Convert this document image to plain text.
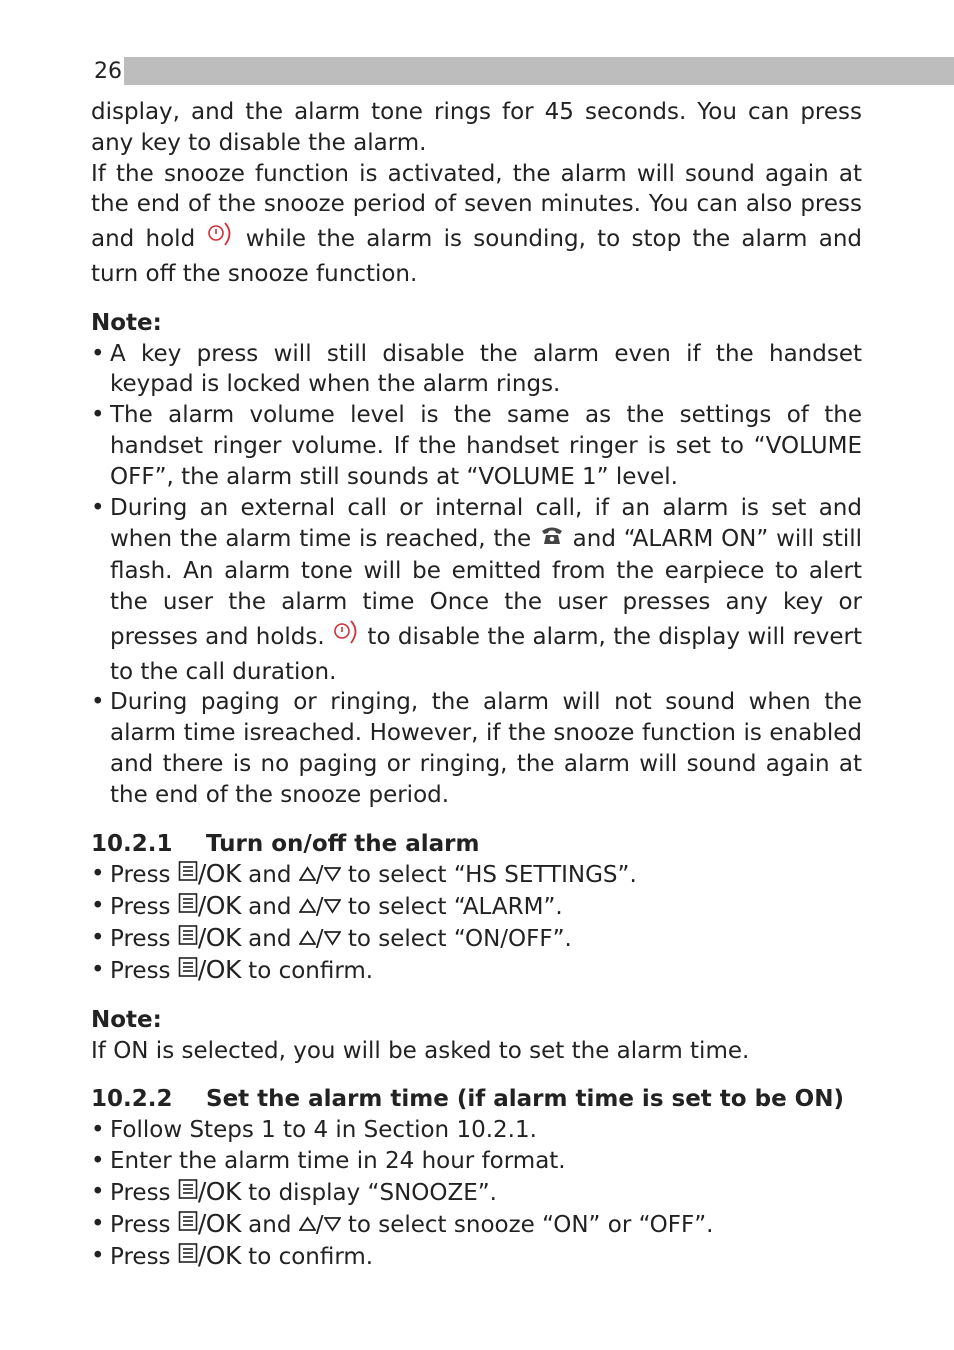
26

display, and the alarm tone rings for 45 seconds. You can press any key to disable the alarm.

If the snooze function is activated, the alarm will sound again at the end of the snooze period of seven minutes. You can also press and hold while the alarm is sounding, to stop the alarm and turn off the snooze function.

Note:

• A key press will still disable the alarm even if the handset keypad is locked when the alarm rings.
• The alarm volume level is the same as the settings of the handset ringer volume. If the handset ringer is set to “VOLUME OFF”, the alarm still sounds at “VOLUME 1” level.
• During an external call or internal call, if an alarm is set and when the alarm time is reached, the and “ALARM ON” will still flash. An alarm tone will be emitted from the earpiece to alert the user the alarm time Once the user presses any key or presses and holds. to disable the alarm, the display will revert to the call duration.
• During paging or ringing, the alarm will not sound when the alarm time isreached. However, if the snooze function is enabled and there is no paging or ringing, the alarm will sound again at the end of the snooze period.
10.2.1	Turn on/off the alarm
• Press /OK and / to select “HS SETTINGS”.
• Press /OK and / to select “ALARM”.
• Press /OK and / to select “ON/OFF”.
• Press /OK to confirm.

Note:

If ON is selected, you will be asked to set the alarm time.

10.2.2	Set the alarm time (if alarm time is set to be ON)
• Follow Steps 1 to 4 in Section 10.2.1.
• Enter the alarm time in 24 hour format.
• Press /OK to display “SNOOZE”.
• Press /OK and / to select snooze “ON” or “OFF”.
• Press /OK to confirm.
